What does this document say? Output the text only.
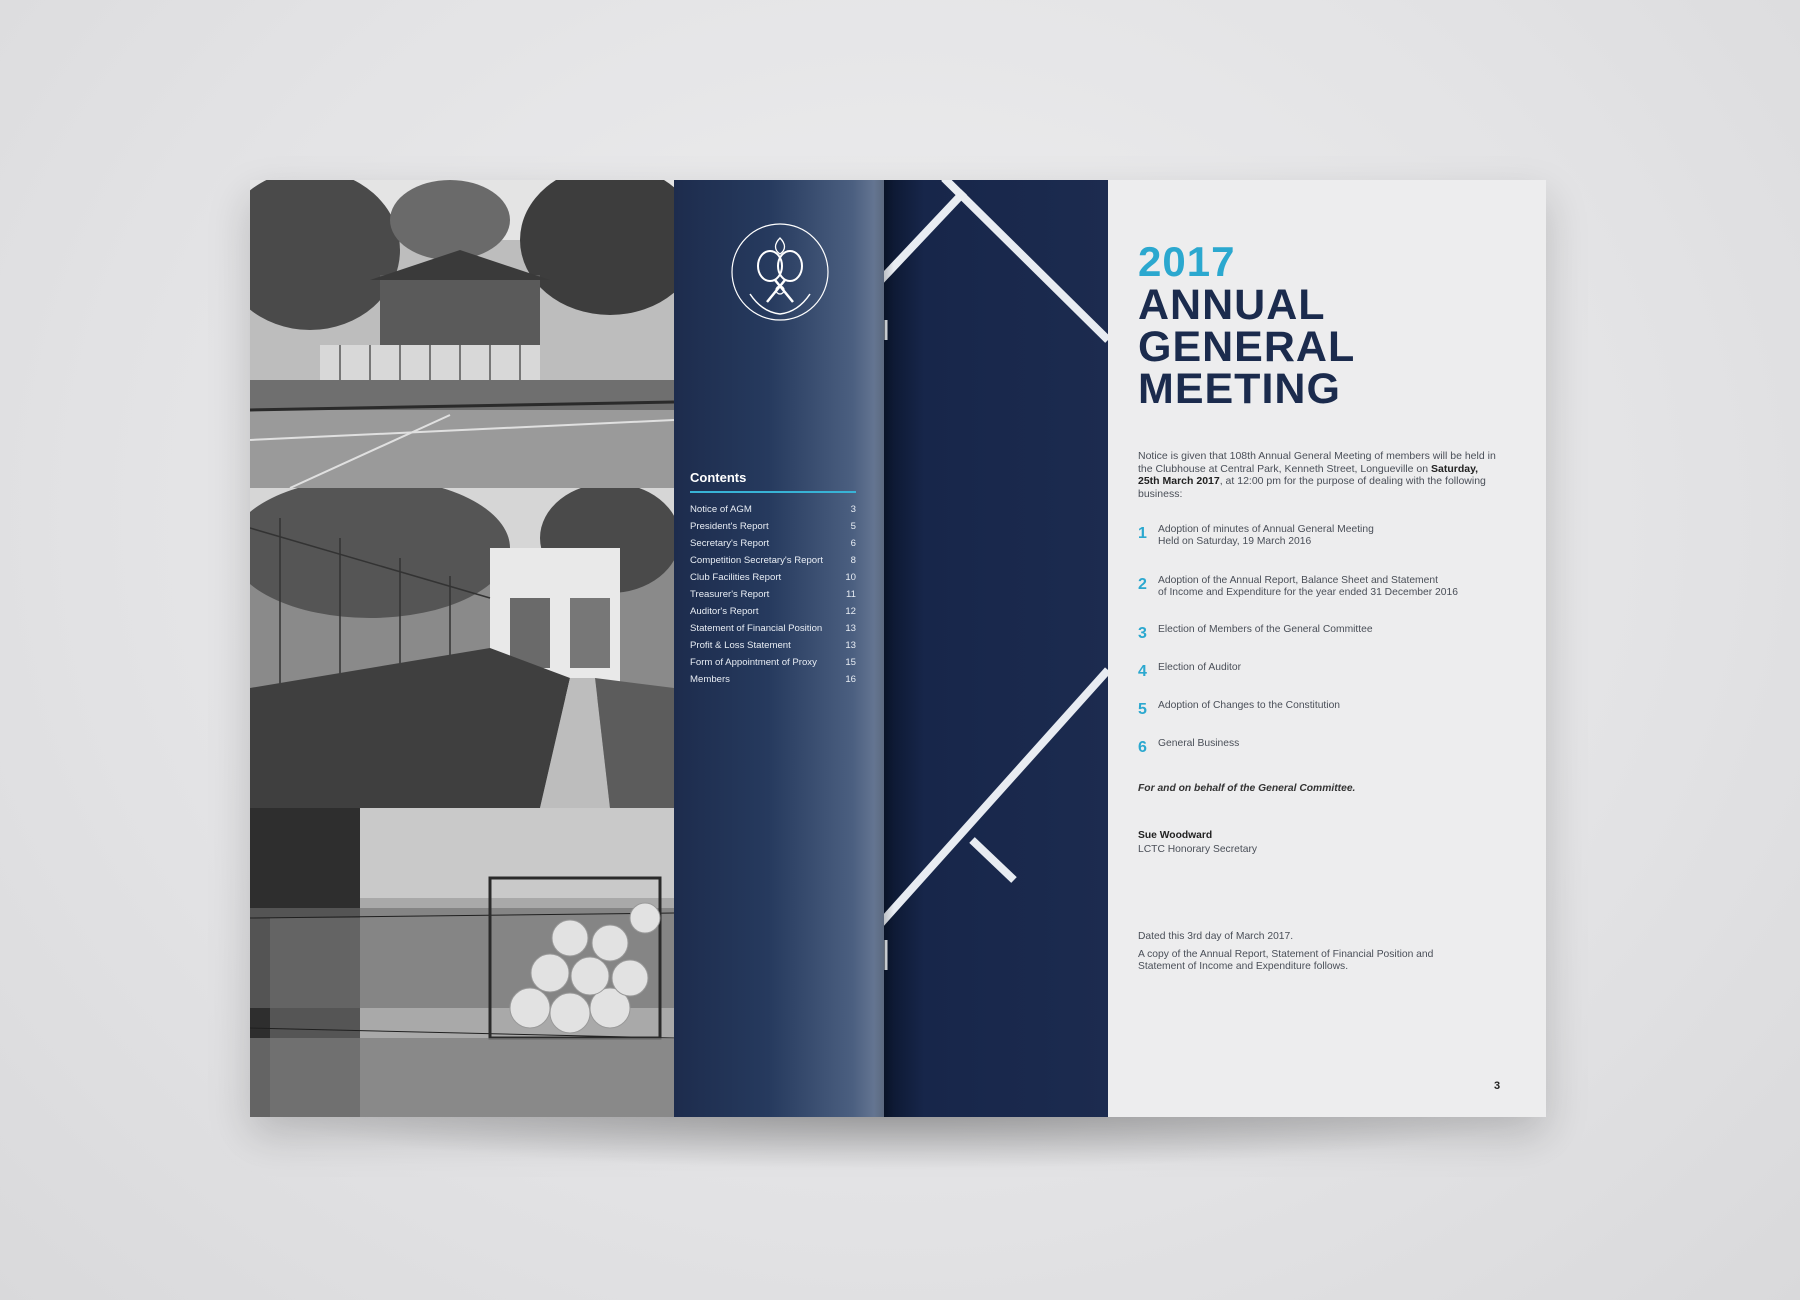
Contents
Notice of AGM	3
President's Report	5
Secretary's Report	6
Competition Secretary's Report	8
Club Facilities Report	10
Treasurer's Report	11
Auditor's Report	12
Statement of Financial Position 13
Profit & Loss Statement	13
Form of Appointment of Proxy	15
Members	16
2017
ANNUAL
GENERAL
MEETING
Notice is given that 108th Annual General Meeting of members will be held in the Clubhouse at Central Park, Kenneth Street, Longueville on Saturday, 25th March 2017, at 12:00 pm for the purpose of dealing with the following business:
1	Adoption of minutes of Annual General Meeting
Held on Saturday, 19 March 2016
2	Adoption of the Annual Report, Balance Sheet and Statement
of Income and Expenditure for the year ended 31 December 2016
3	Election of Members of the General Committee
4	Election of Auditor
5	Adoption of Changes to the Constitution
6	General Business
For and on behalf of the General Committee.
Sue Woodward
LCTC Honorary Secretary
Dated this 3rd day of March 2017.
A copy of the Annual Report, Statement of Financial Position and Statement of Income and Expenditure follows.
3
